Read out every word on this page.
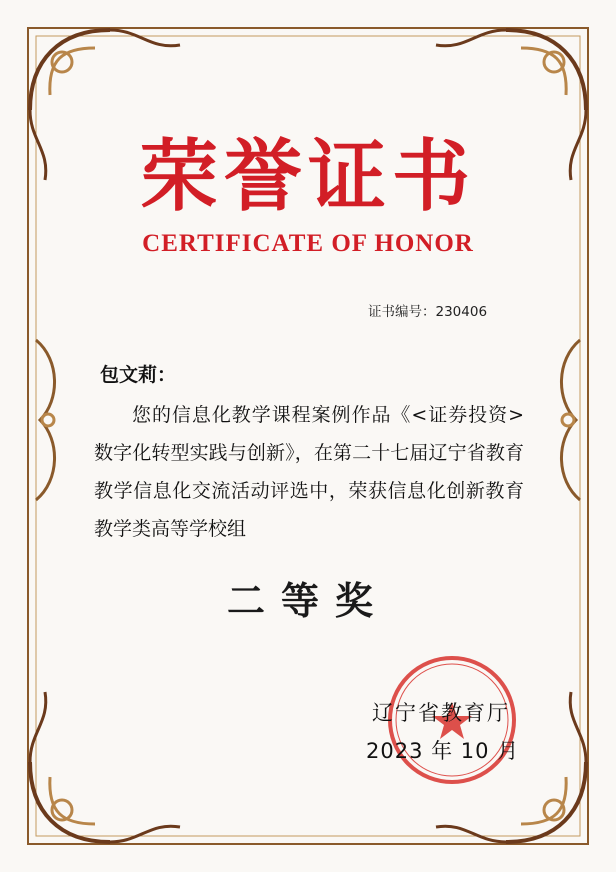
荣誉证书
CERTIFICATE OF HONOR
证书编号：230406
包文莉：
您的信息化教学课程案例作品《<证券投资>数字化转型实践与创新》，在第二十七届辽宁省教育教学信息化交流活动评选中，荣获信息化创新教育教学类高等学校组
二等奖
辽宁省教育厅
2023 年 10 月
